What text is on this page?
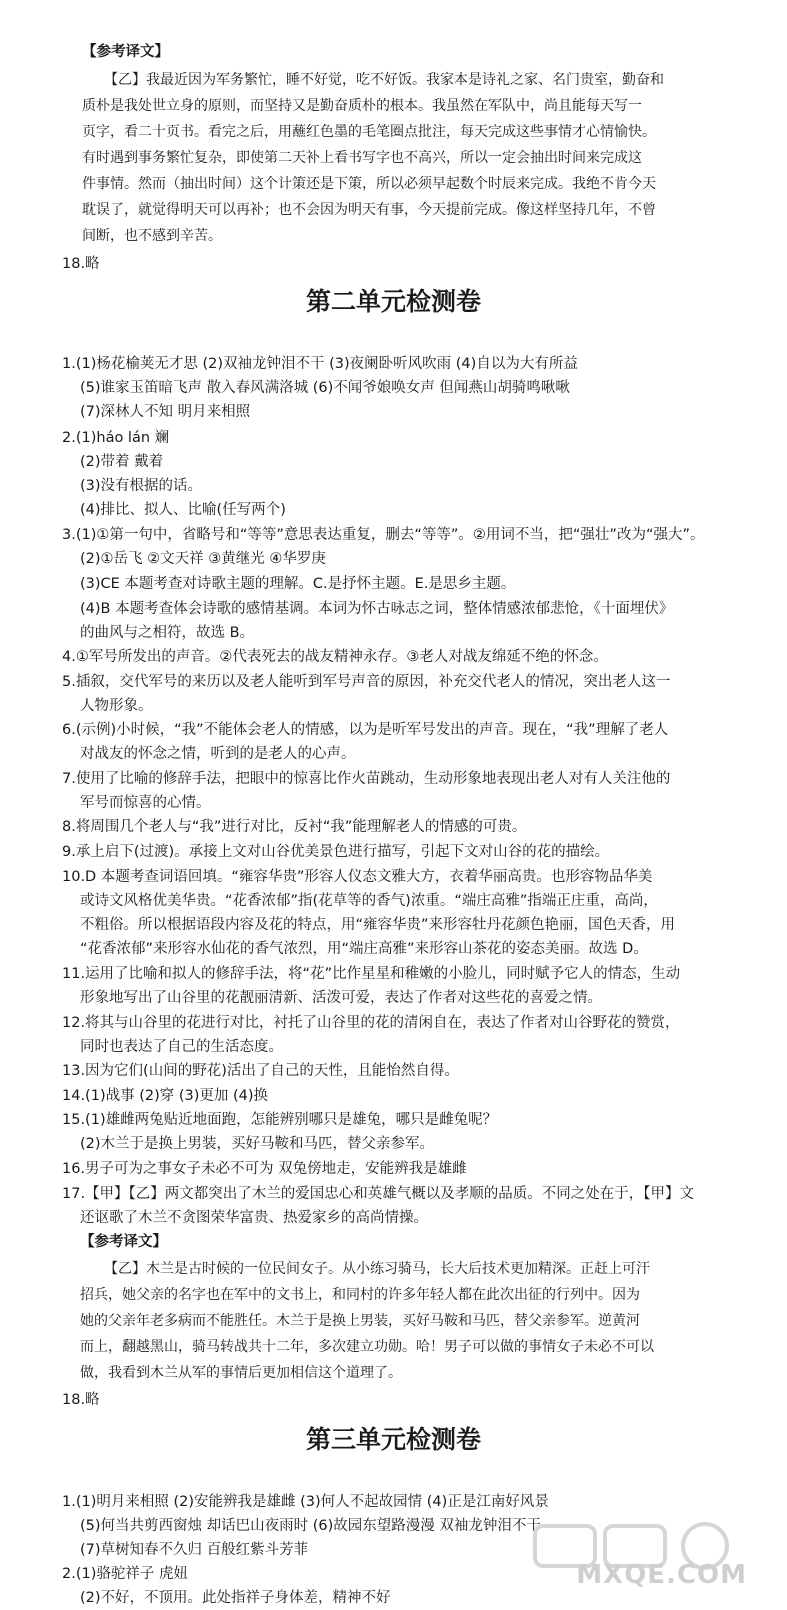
【参考译文】
【乙】我最近因为军务繁忙，睡不好觉，吃不好饭。我家本是诗礼之家、名门贵室，勤奋和
质朴是我处世立身的原则，而坚持又是勤奋质朴的根本。我虽然在军队中，尚且能每天写一
页字，看二十页书。看完之后，用蘸红色墨的毛笔圈点批注，每天完成这些事情才心情愉快。
有时遇到事务繁忙复杂，即使第二天补上看书写字也不高兴，所以一定会抽出时间来完成这
件事情。然而（抽出时间）这个计策还是下策，所以必须早起数个时辰来完成。我绝不肯今天
耽误了，就觉得明天可以再补；也不会因为明天有事，今天提前完成。像这样坚持几年，不曾
间断，也不感到辛苦。
18.略
第二单元检测卷
1.(1)杨花榆荚无才思 (2)双袖龙钟泪不干 (3)夜阑卧听风吹雨 (4)自以为大有所益
(5)谁家玉笛暗飞声 散入春风满洛城 (6)不闻爷娘唤女声 但闻燕山胡骑鸣啾啾
(7)深林人不知 明月来相照
2.(1)háo lán 斓
(2)带着 戴着
(3)没有根据的话。
(4)排比、拟人、比喻(任写两个)
3.(1)①第一句中，省略号和“等等”意思表达重复，删去“等等”。②用词不当，把“强壮”改为“强大”。
(2)①岳飞 ②文天祥 ③黄继光 ④华罗庚
(3)CE 本题考查对诗歌主题的理解。C.是抒怀主题。E.是思乡主题。
(4)B 本题考查体会诗歌的感情基调。本词为怀古咏志之词，整体情感浓郁悲怆，《十面埋伏》
的曲风与之相符，故选 B。
4.①军号所发出的声音。②代表死去的战友精神永存。③老人对战友绵延不绝的怀念。
5.插叙，交代军号的来历以及老人能听到军号声音的原因，补充交代老人的情况，突出老人这一
人物形象。
6.(示例)小时候，“我”不能体会老人的情感，以为是听军号发出的声音。现在，“我”理解了老人
对战友的怀念之情，听到的是老人的心声。
7.使用了比喻的修辞手法，把眼中的惊喜比作火苗跳动，生动形象地表现出老人对有人关注他的
军号而惊喜的心情。
8.将周围几个老人与“我”进行对比，反衬“我”能理解老人的情感的可贵。
9.承上启下(过渡)。承接上文对山谷优美景色进行描写，引起下文对山谷的花的描绘。
10.D 本题考查词语回填。“雍容华贵”形容人仪态文雅大方，衣着华丽高贵。也形容物品华美
或诗文风格优美华贵。“花香浓郁”指(花草等的香气)浓重。“端庄高雅”指端正庄重，高尚，
不粗俗。所以根据语段内容及花的特点，用“雍容华贵”来形容牡丹花颜色艳丽，国色天香，用
“花香浓郁”来形容水仙花的香气浓烈，用“端庄高雅”来形容山茶花的姿态美丽。故选 D。
11.运用了比喻和拟人的修辞手法，将“花”比作星星和稚嫩的小脸儿，同时赋予它人的情态，生动
形象地写出了山谷里的花靓丽清新、活泼可爱，表达了作者对这些花的喜爱之情。
12.将其与山谷里的花进行对比，衬托了山谷里的花的清闲自在，表达了作者对山谷野花的赞赏，
同时也表达了自己的生活态度。
13.因为它们(山间的野花)活出了自己的天性，且能怡然自得。
14.(1)战事 (2)穿 (3)更加 (4)换
15.(1)雄雌两兔贴近地面跑，怎能辨别哪只是雄兔，哪只是雌兔呢？
(2)木兰于是换上男装，买好马鞍和马匹，替父亲参军。
16.男子可为之事女子未必不可为 双兔傍地走，安能辨我是雄雌
17.【甲】【乙】两文都突出了木兰的爱国忠心和英雄气概以及孝顺的品质。不同之处在于，【甲】文
还讴歌了木兰不贪图荣华富贵、热爱家乡的高尚情操。
【参考译文】
【乙】木兰是古时候的一位民间女子。从小练习骑马，长大后技术更加精深。正赶上可汗
招兵，她父亲的名字也在军中的文书上，和同村的许多年轻人都在此次出征的行列中。因为
她的父亲年老多病而不能胜任。木兰于是换上男装，买好马鞍和马匹，替父亲参军。逆黄河
而上，翻越黑山，骑马转战共十二年，多次建立功勋。哈！男子可以做的事情女子未必不可以
做，我看到木兰从军的事情后更加相信这个道理了。
18.略
第三单元检测卷
1.(1)明月来相照 (2)安能辨我是雄雌 (3)何人不起故园情 (4)正是江南好风景
(5)何当共剪西窗烛 却话巴山夜雨时 (6)故园东望路漫漫 双袖龙钟泪不干
(7)草树知春不久归 百般红紫斗芳菲
2.(1)骆驼祥子 虎妞
(2)不好，不顶用。此处指祥子身体差，精神不好
MXQE.COM
